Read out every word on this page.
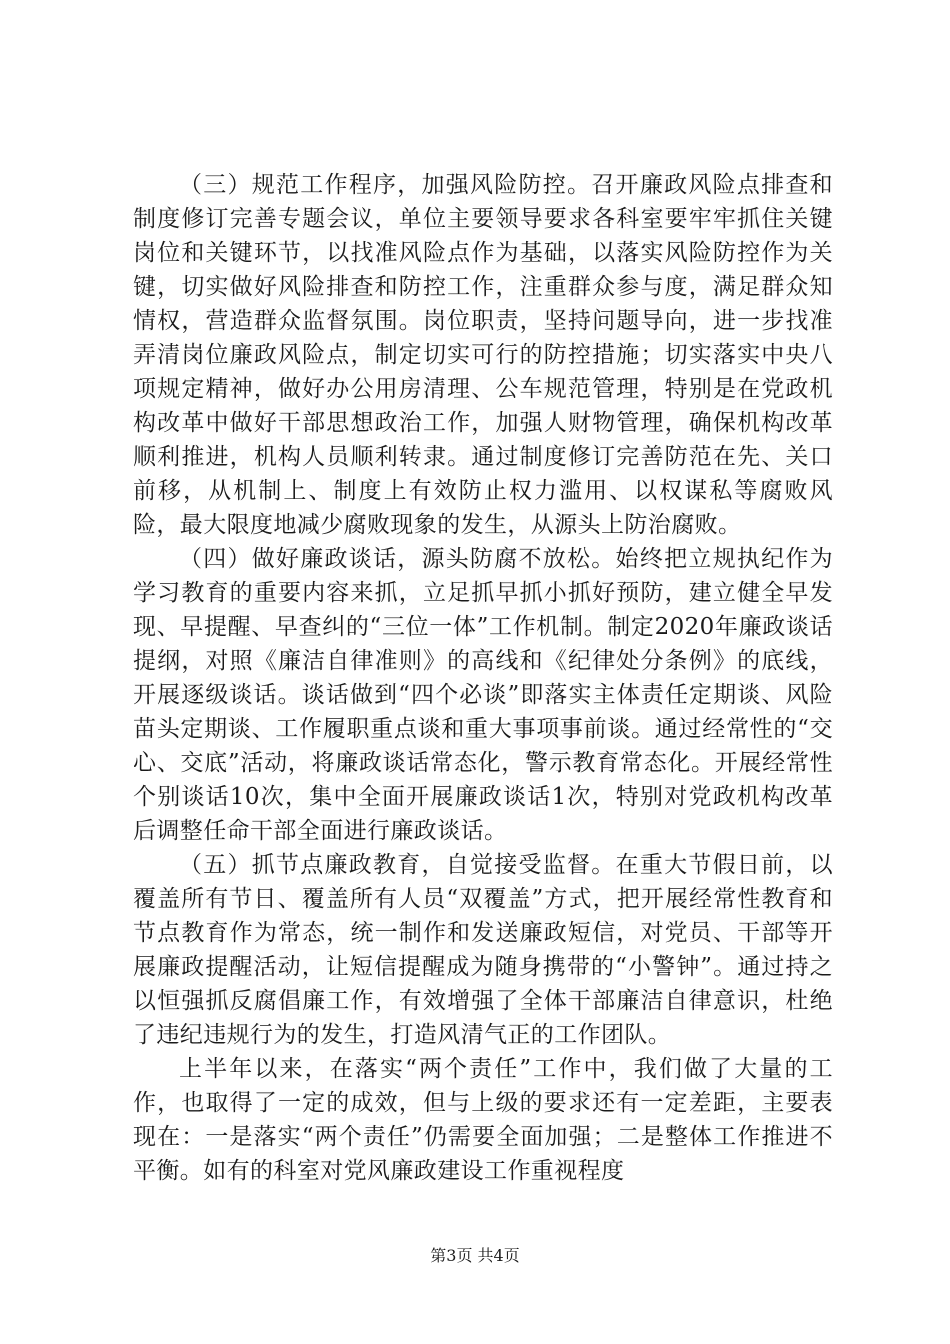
（三）规范工作程序，加强风险防控。召开廉政风险点排查和制度修订完善专题会议，单位主要领导要求各科室要牢牢抓住关键岗位和关键环节，以找准风险点作为基础，以落实风险防控作为关键，切实做好风险排查和防控工作，注重群众参与度，满足群众知情权，营造群众监督氛围。岗位职责，坚持问题导向，进一步找准弄清岗位廉政风险点，制定切实可行的防控措施；切实落实中央八项规定精神，做好办公用房清理、公车规范管理，特别是在党政机构改革中做好干部思想政治工作，加强人财物管理，确保机构改革顺利推进，机构人员顺利转隶。通过制度修订完善防范在先、关口前移，从机制上、制度上有效防止权力滥用、以权谋私等腐败风险，最大限度地减少腐败现象的发生，从源头上防治腐败。

（四）做好廉政谈话，源头防腐不放松。始终把立规执纪作为学习教育的重要内容来抓，立足抓早抓小抓好预防，建立健全早发现、早提醒、早查纠的“三位一体”工作机制。制定2020年廉政谈话提纲，对照《廉洁自律准则》的高线和《纪律处分条例》的底线，开展逐级谈话。谈话做到“四个必谈”即落实主体责任定期谈、风险苗头定期谈、工作履职重点谈和重大事项事前谈。通过经常性的“交心、交底”活动，将廉政谈话常态化，警示教育常态化。开展经常性个别谈话10次，集中全面开展廉政谈话1次，特别对党政机构改革后调整任命干部全面进行廉政谈话。

（五）抓节点廉政教育，自觉接受监督。在重大节假日前，以覆盖所有节日、覆盖所有人员“双覆盖”方式，把开展经常性教育和节点教育作为常态，统一制作和发送廉政短信，对党员、干部等开展廉政提醒活动，让短信提醒成为随身携带的“小警钟”。通过持之以恒强抓反腐倡廉工作，有效增强了全体干部廉洁自律意识，杜绝了违纪违规行为的发生，打造风清气正的工作团队。

上半年以来，在落实“两个责任”工作中，我们做了大量的工作，也取得了一定的成效，但与上级的要求还有一定差距，主要表现在：一是落实“两个责任”仍需要全面加强；二是整体工作推进不平衡。如有的科室对党风廉政建设工作重视程度

第3页 共4页
